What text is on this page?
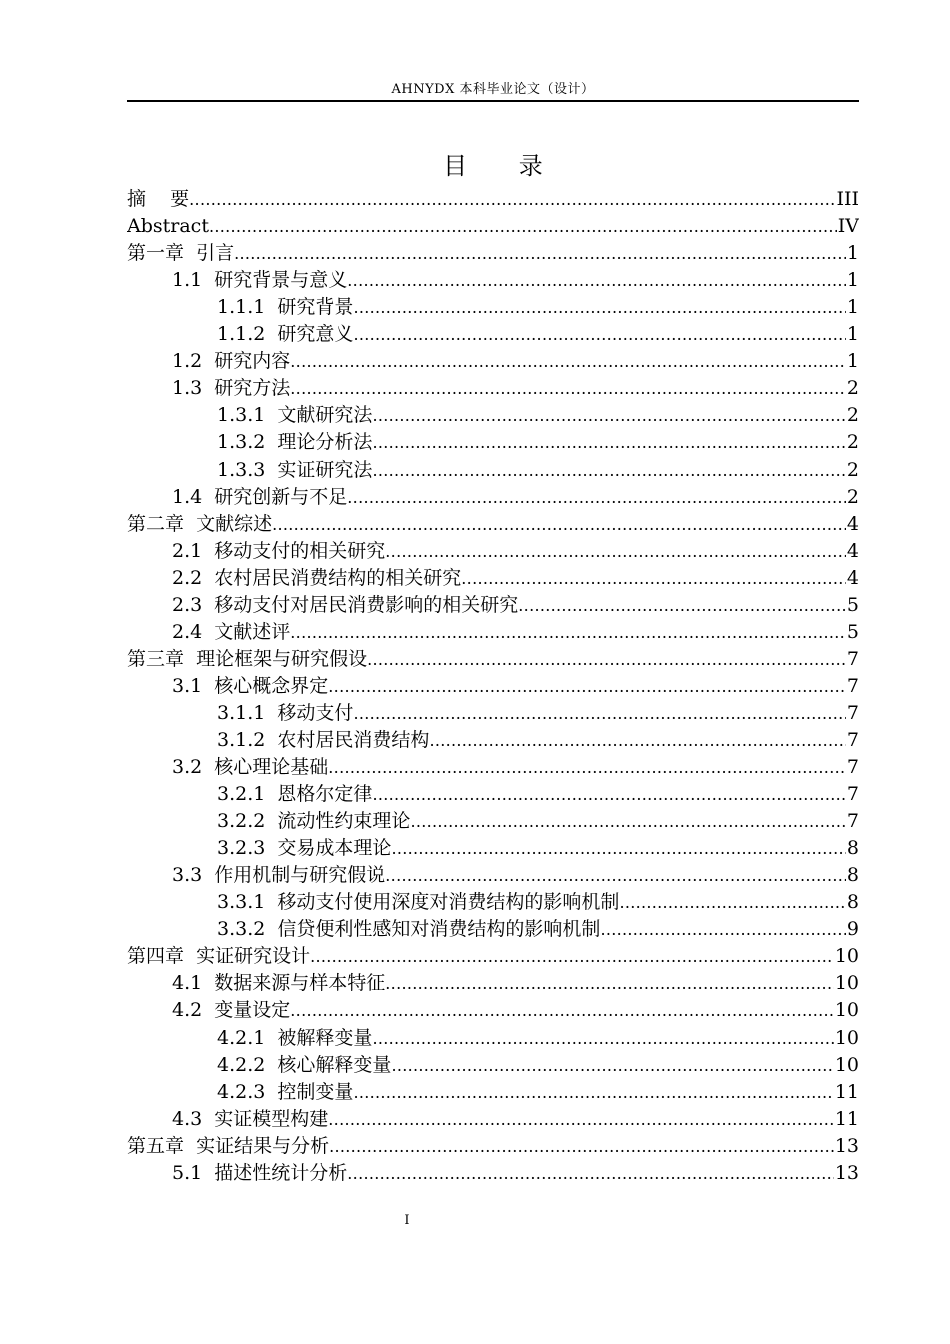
AHNYDX 本科毕业论文（设计）
目 录
摘    要 .....	III
Abstract .....	IV
第一章  引言 .....	1
1.1  研究背景与意义 .....	1
1.1.1  研究背景 .....	1
1.1.2  研究意义 .....	1
1.2  研究内容 .....	1
1.3  研究方法 .....	2
1.3.1  文献研究法 .....	2
1.3.2  理论分析法 .....	2
1.3.3  实证研究法 .....	2
1.4  研究创新与不足 .....	2
第二章  文献综述 .....	4
2.1  移动支付的相关研究 .....	4
2.2  农村居民消费结构的相关研究 .....	4
2.3  移动支付对居民消费影响的相关研究 .....	5
2.4  文献述评 .....	5
第三章  理论框架与研究假设 .....	7
3.1  核心概念界定 .....	7
3.1.1  移动支付 .....	7
3.1.2  农村居民消费结构 .....	7
3.2  核心理论基础 .....	7
3.2.1  恩格尔定律 .....	7
3.2.2  流动性约束理论 .....	7
3.2.3  交易成本理论 .....	8
3.3  作用机制与研究假说 .....	8
3.3.1  移动支付使用深度对消费结构的影响机制 .....	8
3.3.2  信贷便利性感知对消费结构的影响机制 .....	9
第四章  实证研究设计 .....	10
4.1  数据来源与样本特征 .....	10
4.2  变量设定 .....	10
4.2.1  被解释变量 .....	10
4.2.2  核心解释变量 .....	10
4.2.3  控制变量 .....	11
4.3  实证模型构建 .....	11
第五章  实证结果与分析 .....	13
5.1  描述性统计分析 .....	13
I
